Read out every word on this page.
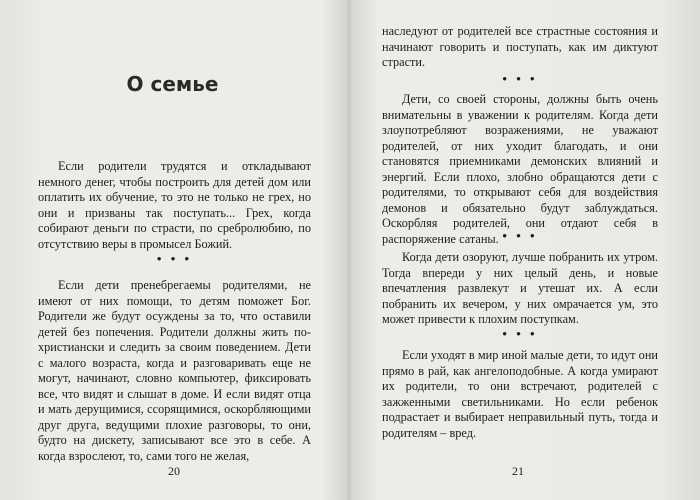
О семье
Если родители трудятся и откладывают немного денег, чтобы построить для детей дом или оплатить их обучение, то это не только не грех, но они и призваны так поступать... Грех, когда собирают деньги по страсти, по сребролюбию, по отсутствию веры в промысел Божий.
• • •
Если дети пренебрегаемы родителями, не имеют от них помощи, то детям поможет Бог. Родители же будут осуждены за то, что оставили детей без попечения. Родители должны жить по-христиански и следить за своим поведением. Дети с малого возраста, когда и разговаривать еще не могут, начинают, словно компьютер, фиксировать все, что видят и слышат в доме. И если видят отца и мать дерущимися, ссорящимися, оскорбляющими друг друга, ведущими плохие разговоры, то они, будто на дискету, записывают все это в себе. А когда взрослеют, то, сами того не желая,
20
наследуют от родителей все страстные состояния и начинают говорить и поступать, как им диктуют страсти.
• • •
Дети, со своей стороны, должны быть очень внимательны в уважении к родителям. Когда дети злоупотребляют возражениями, не уважают родителей, от них уходит благодать, и они становятся приемниками демонских влияний и энергий. Если плохо, злобно обращаются дети с родителями, то открывают себя для воздействия демонов и обязательно будут заблуждаться. Оскорбляя родителей, они отдают себя в распоряжение сатаны. • • •
Когда дети озоруют, лучше побранить их утром. Тогда впереди у них целый день, и новые впечатления развлекут и утешат их. А если побранить их вечером, у них омрачается ум, это может привести к плохим поступкам.
• • •
Если уходят в мир иной малые дети, то идут они прямо в рай, как ангелоподобные. А когда умирают их родители, то они встречают, родителей с зажженными светильниками. Но если ребенок подрастает и выбирает неправильный путь, тогда и родителям – вред.
21
